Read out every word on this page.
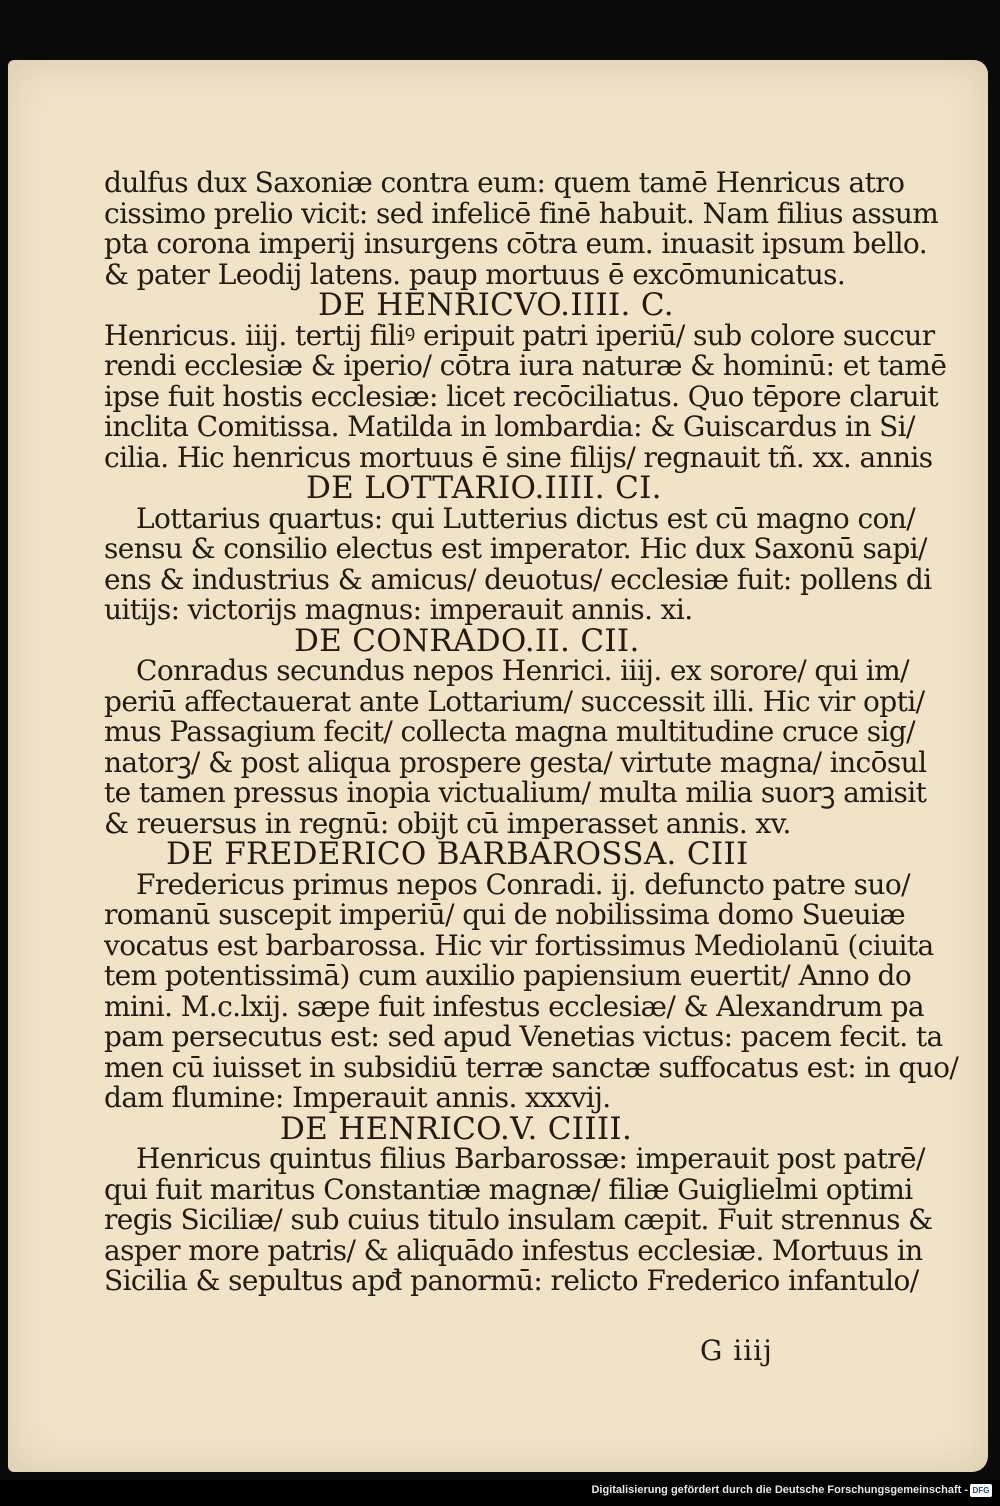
dulfus dux Saxoniæ contra eum: quem tamē Henricus atro
cissimo prelio vicit: sed infelicē finē habuit. Nam filius assum
pta corona imperij insurgens cōtra eum. inuasit ipsum bello.
& pater Leodij latens. paup mortuus ē excōmunicatus.
DE HENRICVO.IIII. C.
Henricus. iiij. tertij filiꝰ eripuit patri iperiū/ sub colore succur
rendi ecclesiæ & iperio/ cōtra iura naturæ & hominū: et tamē
ipse fuit hostis ecclesiæ: licet recōciliatus. Quo tēpore claruit
inclita Comitissa. Matilda in lombardia: & Guiscardus in Si/
cilia. Hic henricus mortuus ē sine filijs/ regnauit tñ. xx. annis
DE LOTTARIO.IIII. CI.
Lottarius quartus: qui Lutterius dictus est cū magno con/
sensu & consilio electus est imperator. Hic dux Saxonū sapi/
ens & industrius & amicus/ deuotus/ ecclesiæ fuit: pollens di
uitijs: victorijs magnus: imperauit annis. xi.
DE CONRADO.II. CII.
Conradus secundus nepos Henrici. iiij. ex sorore/ qui im/
periū affectauerat ante Lottarium/ successit illi. Hic vir opti/
mus Passagium fecit/ collecta magna multitudine cruce sig/
natorꝫ/ & post aliqua prospere gesta/ virtute magna/ incōsul
te tamen pressus inopia victualium/ multa milia suorꝫ amisit
& reuersus in regnū: obijt cū imperasset annis. xv.
DE FREDERICO BARBAROSSA. CIII
Fredericus primus nepos Conradi. ij. defuncto patre suo/
romanū suscepit imperiū/ qui de nobilissima domo Sueuiæ
vocatus est barbarossa. Hic vir fortissimus Mediolanū (ciuita
tem potentissimā) cum auxilio papiensium euertit/ Anno do
mini. M.c.lxij. sæpe fuit infestus ecclesiæ/ & Alexandrum pa
pam persecutus est: sed apud Venetias victus: pacem fecit. ta
men cū iuisset in subsidiū terræ sanctæ suffocatus est: in quo/
dam flumine: Imperauit annis. xxxvij.
DE HENRICO.V. CIIII.
Henricus quintus filius Barbarossæ: imperauit post patrē/
qui fuit maritus Constantiæ magnæ/ filiæ Guiglielmi optimi
regis Siciliæ/ sub cuius titulo insulam cæpit. Fuit strennus &
asper more patris/ & aliquādo infestus ecclesiæ. Mortuus in
Sicilia & sepultus apđ panormū: relicto Frederico infantulo/
G iiij
Digitalisierung gefördert durch die Deutsche Forschungsgemeinschaft - DFG
